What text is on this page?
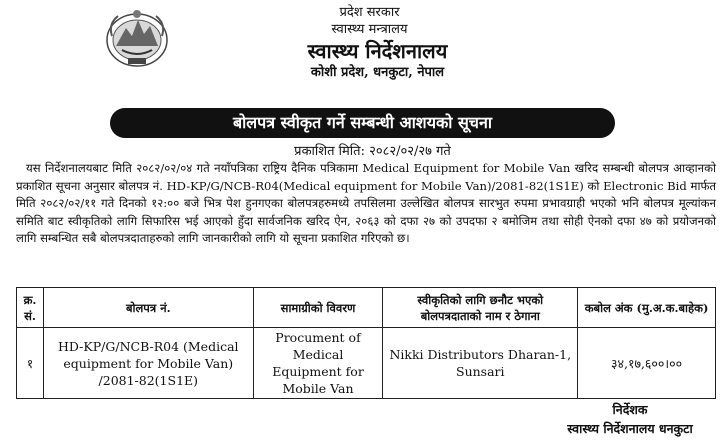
प्रदेश सरकार
स्वास्थ्य मन्त्रालय
स्वास्थ्य निर्देशनालय
कोशी प्रदेश, धनकुटा, नेपाल
बोलपत्र स्वीकृत गर्ने सम्बन्धी आशयको सूचना
प्रकाशित मिति: २०८२/०२/२७ गते

यस निर्देशनालयबाट मिति २०८२/०२/०४ गते नयाँपत्रिका राष्ट्रिय दैनिक पत्रिकामा Medical Equipment for Mobile Van खरिद सम्बन्धी बोलपत्र आव्हानको प्रकाशित सूचना अनुसार बोलपत्र नं. HD-KP/G/NCB-R04(Medical equipment for Mobile Van)/2081-82(1S1E) को Electronic Bid मार्फत मिति २०८२/०२/११ गते दिनको १२:०० बजे भित्र पेश हुनगएका बोलपत्रहरुमध्ये तपसिलमा उल्लेखित बोलपत्र सारभुत रुपमा प्रभावग्राही भएको भनि बोलपत्र मूल्यांकन समिति बाट स्वीकृतिको लागि सिफारिस भई आएको हुँदा सार्वजनिक खरिद ऐन, २०६३ को दफा २७ को उपदफा २ बमोजिम तथा सोही ऐनको दफा ४७ को प्रयोजनको लागि सम्बन्धित सबै बोलपत्रदाताहरुको लागि जानकारीको लागि यो सूचना प्रकाशित गरिएको छ।

क्र. सं.	बोलपत्र नं.	सामाग्रीको विवरण	स्वीकृतिको लागि छनौट भएको बोलपत्रदाताको नाम र ठेगाना	कबोल अंक (मु.अ.क.बाहेक)
१	HD-KP/G/NCB-R04 (Medical equipment for Mobile Van) /2081-82(1S1E)	Procument of Medical Equipment for Mobile Van	Nikki Distributors Dharan-1, Sunsari	३४,१७,६००।००
निर्देशक
स्वास्थ्य निर्देशनालय धनकुटा
